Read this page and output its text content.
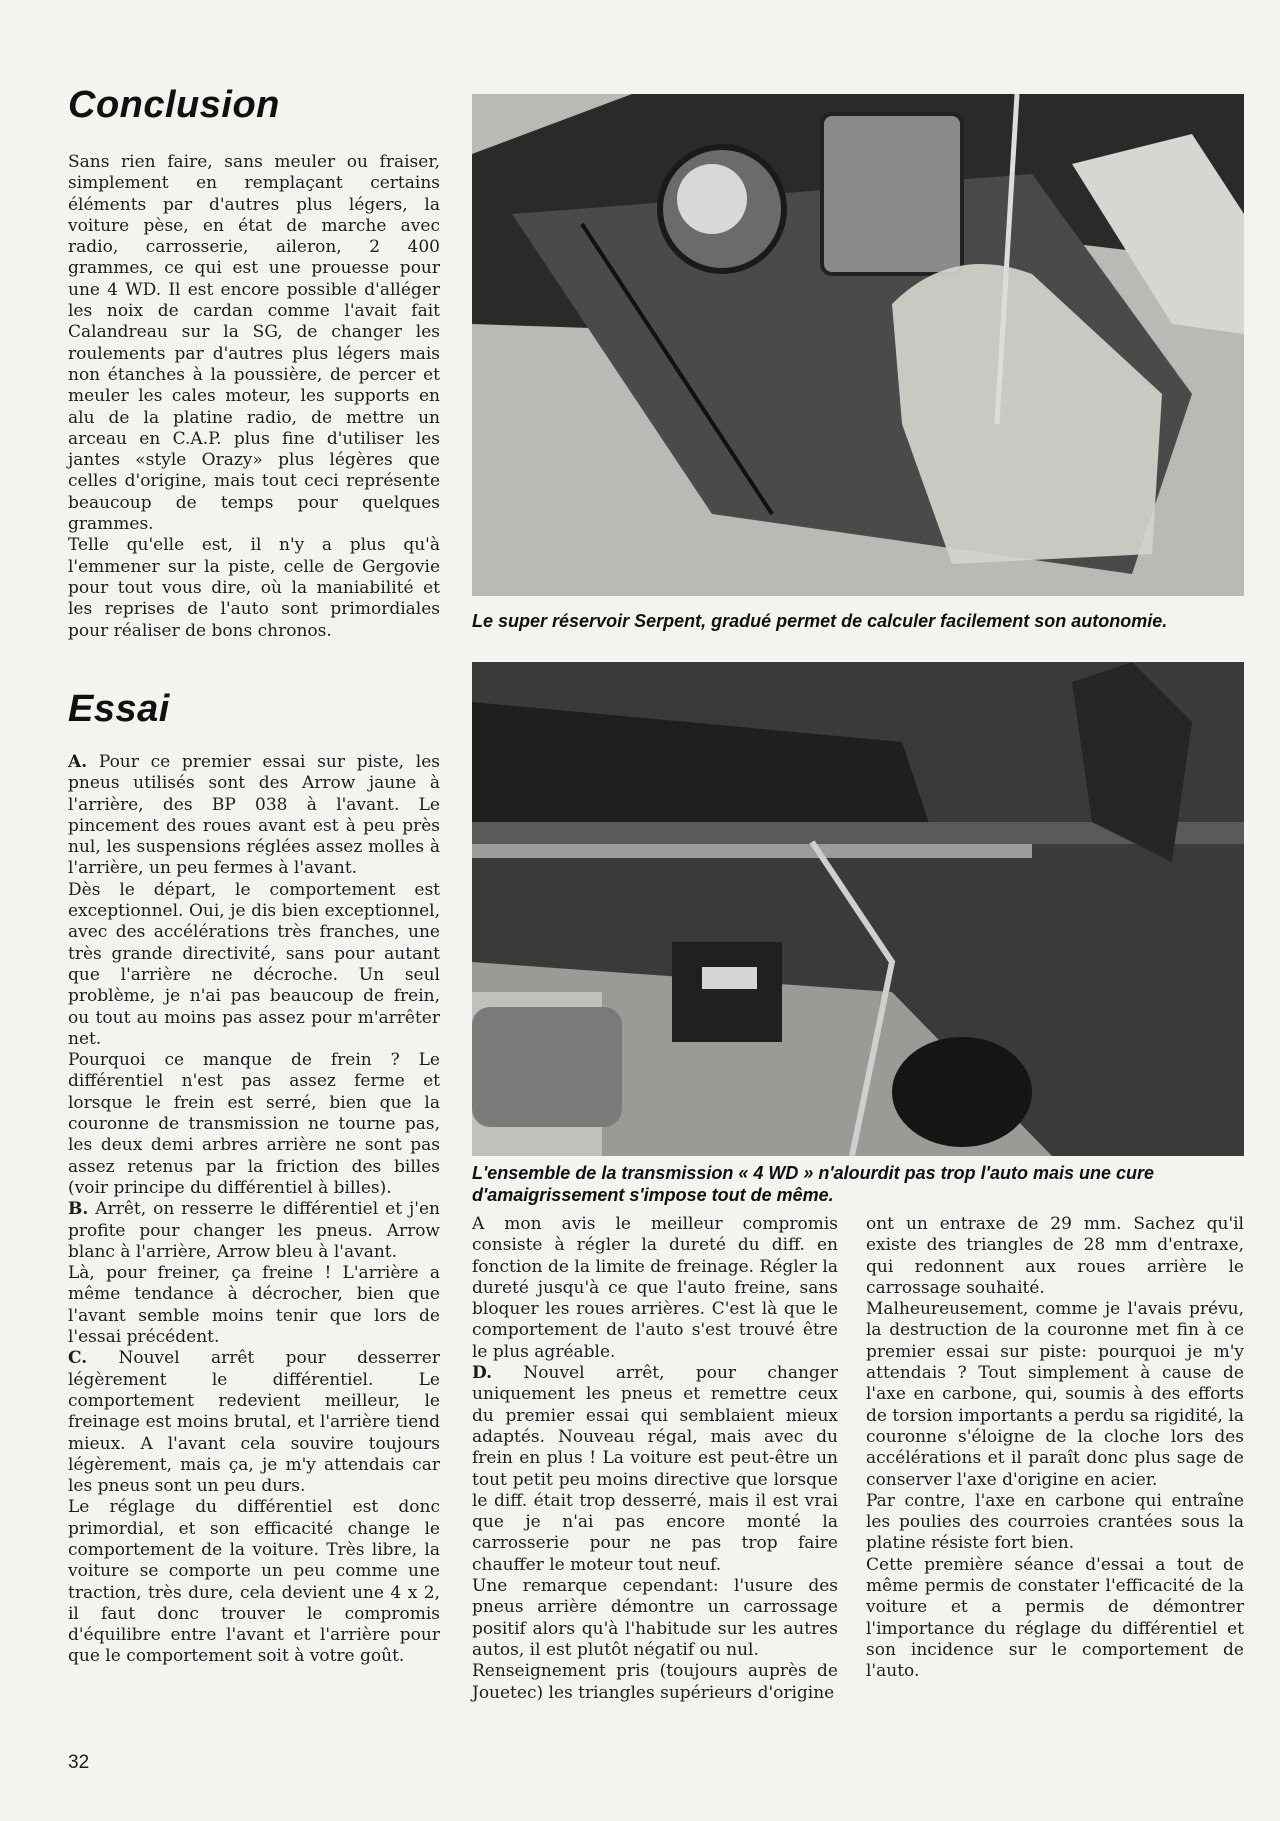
Conclusion

Sans rien faire, sans meuler ou fraiser, simplement en remplaçant certains éléments par d'autres plus légers, la voiture pèse, en état de marche avec radio, carrosserie, aileron, 2 400 grammes, ce qui est une prouesse pour une 4 WD. Il est encore possible d'alléger les noix de cardan comme l'avait fait Calandreau sur la SG, de changer les roulements par d'autres plus légers mais non étanches à la poussière, de percer et meuler les cales moteur, les supports en alu de la platine radio, de mettre un arceau en C.A.P. plus fine d'utiliser les jantes «style Orazy» plus légères que celles d'origine, mais tout ceci représente beaucoup de temps pour quelques grammes.

Telle qu'elle est, il n'y a plus qu'à l'emmener sur la piste, celle de Gergovie pour tout vous dire, où la maniabilité et les reprises de l'auto sont primordiales pour réaliser de bons chronos.

Essai

A. Pour ce premier essai sur piste, les pneus utilisés sont des Arrow jaune à l'arrière, des BP 038 à l'avant. Le pincement des roues avant est à peu près nul, les suspensions réglées assez molles à l'arrière, un peu fermes à l'avant.

Dès le départ, le comportement est exceptionnel. Oui, je dis bien exceptionnel, avec des accélérations très franches, une très grande directivité, sans pour autant que l'arrière ne décroche. Un seul problème, je n'ai pas beaucoup de frein, ou tout au moins pas assez pour m'arrêter net.

Pourquoi ce manque de frein ? Le différentiel n'est pas assez ferme et lorsque le frein est serré, bien que la couronne de transmission ne tourne pas, les deux demi arbres arrière ne sont pas assez retenus par la friction des billes (voir principe du différentiel à billes).

B. Arrêt, on resserre le différentiel et j'en profite pour changer les pneus. Arrow blanc à l'arrière, Arrow bleu à l'avant.

Là, pour freiner, ça freine ! L'arrière a même tendance à décrocher, bien que l'avant semble moins tenir que lors de l'essai précédent.

C. Nouvel arrêt pour desserrer légèrement le différentiel. Le comportement redevient meilleur, le freinage est moins brutal, et l'arrière tiend mieux. A l'avant cela souvire toujours légèrement, mais ça, je m'y attendais car les pneus sont un peu durs.

Le réglage du différentiel est donc primordial, et son efficacité change le comportement de la voiture. Très libre, la voiture se comporte un peu comme une traction, très dure, cela devient une 4 x 2, il faut donc trouver le compromis d'équilibre entre l'avant et l'arrière pour que le comportement soit à votre goût.

Le super réservoir Serpent, gradué permet de calculer facilement son autonomie.

L'ensemble de la transmission « 4 WD » n'alourdit pas trop l'auto mais une cure d'amaigrissement s'impose tout de même.

A mon avis le meilleur compromis consiste à régler la dureté du diff. en fonction de la limite de freinage. Régler la dureté jusqu'à ce que l'auto freine, sans bloquer les roues arrières. C'est là que le comportement de l'auto s'est trouvé être le plus agréable.

D. Nouvel arrêt, pour changer uniquement les pneus et remettre ceux du premier essai qui semblaient mieux adaptés. Nouveau régal, mais avec du frein en plus ! La voiture est peut-être un tout petit peu moins directive que lorsque le diff. était trop desserré, mais il est vrai que je n'ai pas encore monté la carrosserie pour ne pas trop faire chauffer le moteur tout neuf.

Une remarque cependant: l'usure des pneus arrière démontre un carrossage positif alors qu'à l'habitude sur les autres autos, il est plutôt négatif ou nul.

Renseignement pris (toujours auprès de Jouetec) les triangles supérieurs d'origine

ont un entraxe de 29 mm. Sachez qu'il existe des triangles de 28 mm d'entraxe, qui redonnent aux roues arrière le carrossage souhaité.

Malheureusement, comme je l'avais prévu, la destruction de la couronne met fin à ce premier essai sur piste: pourquoi je m'y attendais ? Tout simplement à cause de l'axe en carbone, qui, soumis à des efforts de torsion importants a perdu sa rigidité, la couronne s'éloigne de la cloche lors des accélérations et il paraît donc plus sage de conserver l'axe d'origine en acier.

Par contre, l'axe en carbone qui entraîne les poulies des courroies crantées sous la platine résiste fort bien.

Cette première séance d'essai a tout de même permis de constater l'efficacité de la voiture et a permis de démontrer l'importance du réglage du différentiel et son incidence sur le comportement de l'auto.

32
